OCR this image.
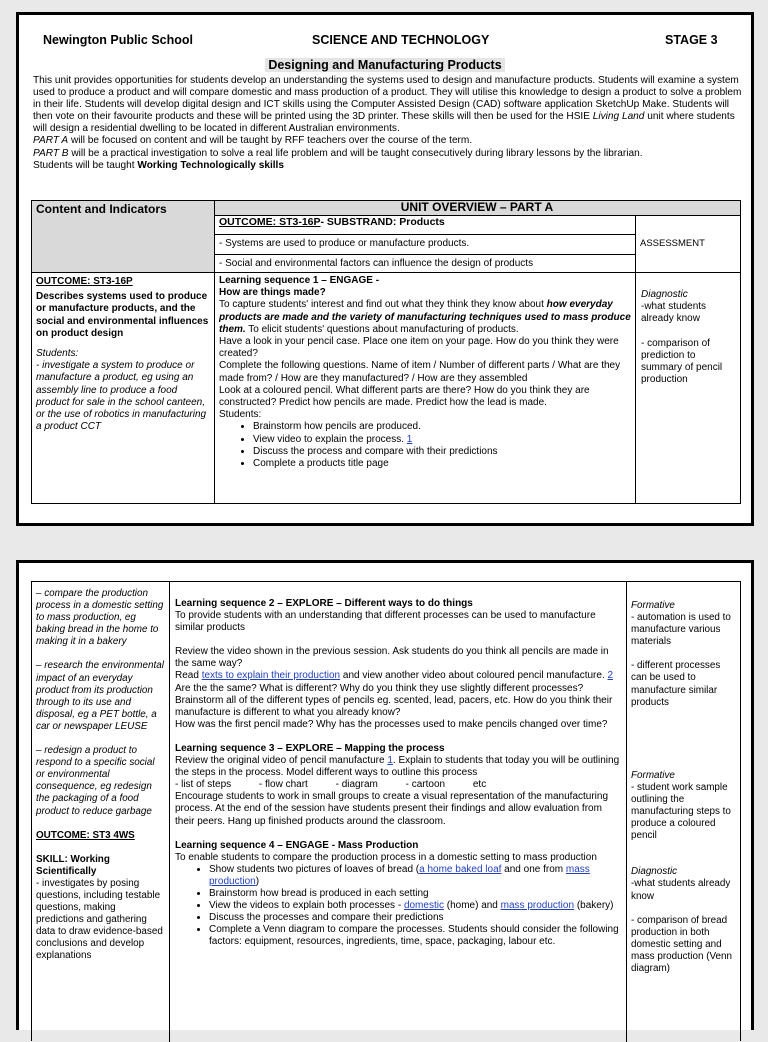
Newington Public School	SCIENCE AND TECHNOLOGY	STAGE 3
Designing and Manufacturing Products

This unit provides opportunities for students develop an understanding the systems used to design and manufacture products. Students will examine a system used to produce a product and will compare domestic and mass production of a product. They will utilise this knowledge to design a product to solve a problem in their life. Students will develop digital design and ICT skills using the Computer Assisted Design (CAD) software application SketchUp Make. Students will then vote on their favourite products and these will be printed using the 3D printer. These skills will then be used for the HSIE Living Land unit where students will design a residential dwelling to be located in different Australian environments.

PART A will be focused on content and will be taught by RFF teachers over the course of the term.

PART B will be a practical investigation to solve a real life problem and will be taught consecutively during library lessons by the librarian.

Students will be taught Working Technologically skills

UNIT OVERVIEW – PART A
Content and Indicators
OUTCOME: ST3-16P- SUBSTRAND: Products
- Systems are used to produce or manufacture products.
- Social and environmental factors can influence the design of products
ASSESSMENT
OUTCOME: ST3-16P
Describes systems used to produce or manufacture products, and the social and environmental influences on product design
Students:
- investigate a system to produce or manufacture a product, eg using an assembly line to produce a food product for sale in the school canteen, or the use of robotics in manufacturing a product CCT
Learning sequence 1 – ENGAGE -
How are things made?
To capture students' interest and find out what they think they know about how everyday products are made and the variety of manufacturing techniques used to mass produce them. To elicit students' questions about manufacturing of products.
Have a look in your pencil case. Place one item on your page. How do you think they were created?
Complete the following questions. Name of item / Number of different parts / What are they made from? / How are they manufactured? / How are they assembled
Look at a coloured pencil. What different parts are there? How do you think they are constructed? Predict how pencils are made. Predict how the lead is made.
Students:
• Brainstorm how pencils are produced.
• View video to explain the process. 1
• Discuss the process and compare with their predictions
• Complete a products title page
Diagnostic
-what students already know
- comparison of prediction to summary of pencil production
– compare the production process in a domestic setting to mass production, eg baking bread in the home to making it in a bakery
– research the environmental impact of an everyday product from its production through to its use and disposal, eg a PET bottle, a car or newspaper LEUSE
– redesign a product to respond to a specific social or environmental consequence, eg redesign the packaging of a food product to reduce garbage
OUTCOME: ST3 4WS
SKILL: Working Scientifically
- investigates by posing questions, including testable questions, making predictions and gathering data to draw evidence-based conclusions and develop explanations

Learning sequence 2 – EXPLORE – Different ways to do things

To provide students with an understanding that different processes can be used to manufacture similar products

Review the video shown in the previous session. Ask students do you think all pencils are made in the same way?

Read texts to explain their production and view another video about coloured pencil manufacture. 2

Are the the same? What is different? Why do you think they use slightly different processes? Brainstorm all of the different types of pencils eg. scented, lead, pacers, etc. How do you think their manufacture is different to what you already know?

How was the first pencil made? Why has the processes used to make pencils changed over time?

Learning sequence 3 – EXPLORE – Mapping the process

Review the original video of pencil manufacture 1. Explain to students that today you will be outlining the steps in the process. Model different ways to outline this process

- list of steps          - flow chart          - diagram          - cartoon          etc

Encourage students to work in small groups to create a visual representation of the manufacturing process. At the end of the session have students present their findings and allow evaluation from their peers. Hang up finished products around the classroom.

Learning sequence 4 – ENGAGE - Mass Production

To enable students to compare the production process in a domestic setting to mass production

• Show students two pictures of loaves of bread (a home baked loaf and one from mass production)
• Brainstorm how bread is produced in each setting
• View the videos to explain both processes - domestic (home) and mass production (bakery)
• Discuss the processes and compare their predictions
• Complete a Venn diagram to compare the processes. Students should consider the following factors: equipment, resources, ingredients, time, space, packaging, labour etc.
Formative
- automation is used to manufacture various materials
- different processes can be used to manufacture similar products
Formative
- student work sample outlining the manufacturing steps to produce a coloured pencil
Diagnostic
-what students already know
- comparison of bread production in both domestic setting and mass production (Venn diagram)
